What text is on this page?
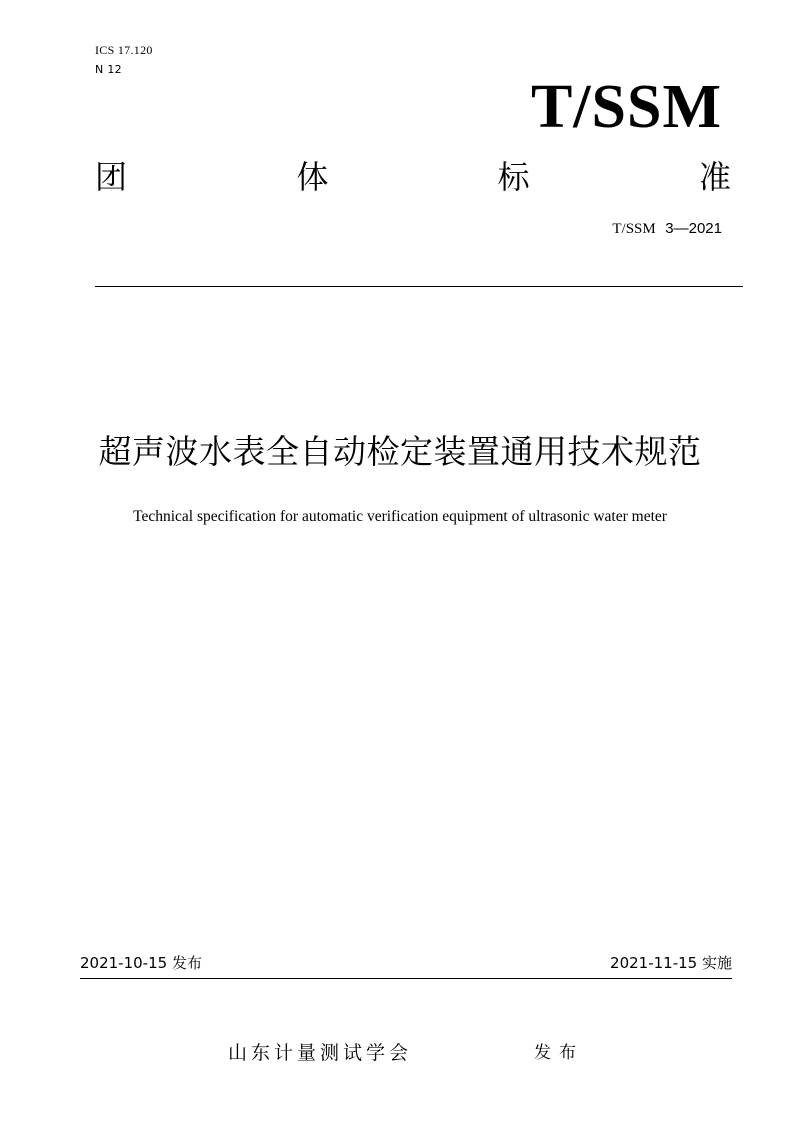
ICS 17.120
N 12
T/SSM
团	体	标	准
T/SSM 3—2021
超声波水表全自动检定装置通用技术规范
Technical specification for automatic verification equipment of ultrasonic water meter
2021-10-15 发布	2021-11-15 实施
山东计量测试学会	发布
